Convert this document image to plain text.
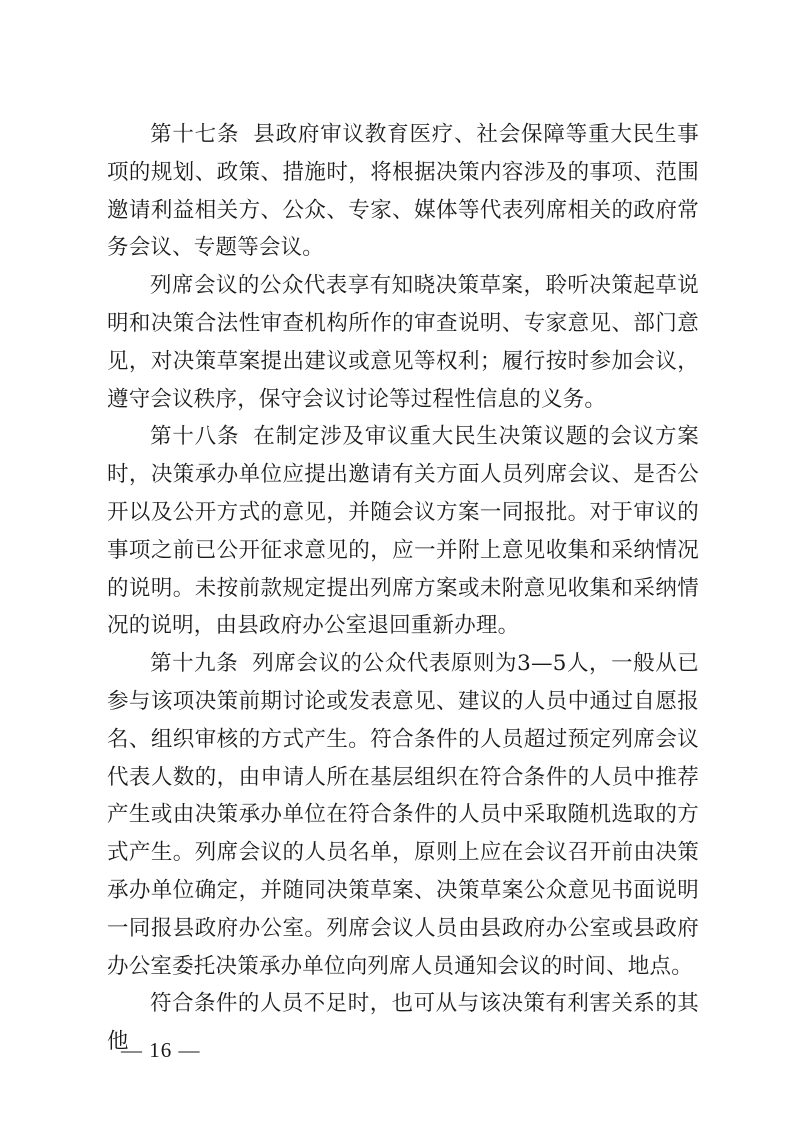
第十七条 县政府审议教育医疗、社会保障等重大民生事项的规划、政策、措施时，将根据决策内容涉及的事项、范围邀请利益相关方、公众、专家、媒体等代表列席相关的政府常务会议、专题等会议。

列席会议的公众代表享有知晓决策草案，聆听决策起草说明和决策合法性审查机构所作的审查说明、专家意见、部门意见，对决策草案提出建议或意见等权利；履行按时参加会议，遵守会议秩序，保守会议讨论等过程性信息的义务。

第十八条 在制定涉及审议重大民生决策议题的会议方案时，决策承办单位应提出邀请有关方面人员列席会议、是否公开以及公开方式的意见，并随会议方案一同报批。对于审议的事项之前已公开征求意见的，应一并附上意见收集和采纳情况的说明。未按前款规定提出列席方案或未附意见收集和采纳情况的说明，由县政府办公室退回重新办理。

第十九条 列席会议的公众代表原则为3—5人，一般从已参与该项决策前期讨论或发表意见、建议的人员中通过自愿报名、组织审核的方式产生。符合条件的人员超过预定列席会议代表人数的，由申请人所在基层组织在符合条件的人员中推荐产生或由决策承办单位在符合条件的人员中采取随机选取的方式产生。列席会议的人员名单，原则上应在会议召开前由决策承办单位确定，并随同决策草案、决策草案公众意见书面说明一同报县政府办公室。列席会议人员由县政府办公室或县政府办公室委托决策承办单位向列席人员通知会议的时间、地点。

符合条件的人员不足时，也可从与该决策有利害关系的其他

— 16 —
